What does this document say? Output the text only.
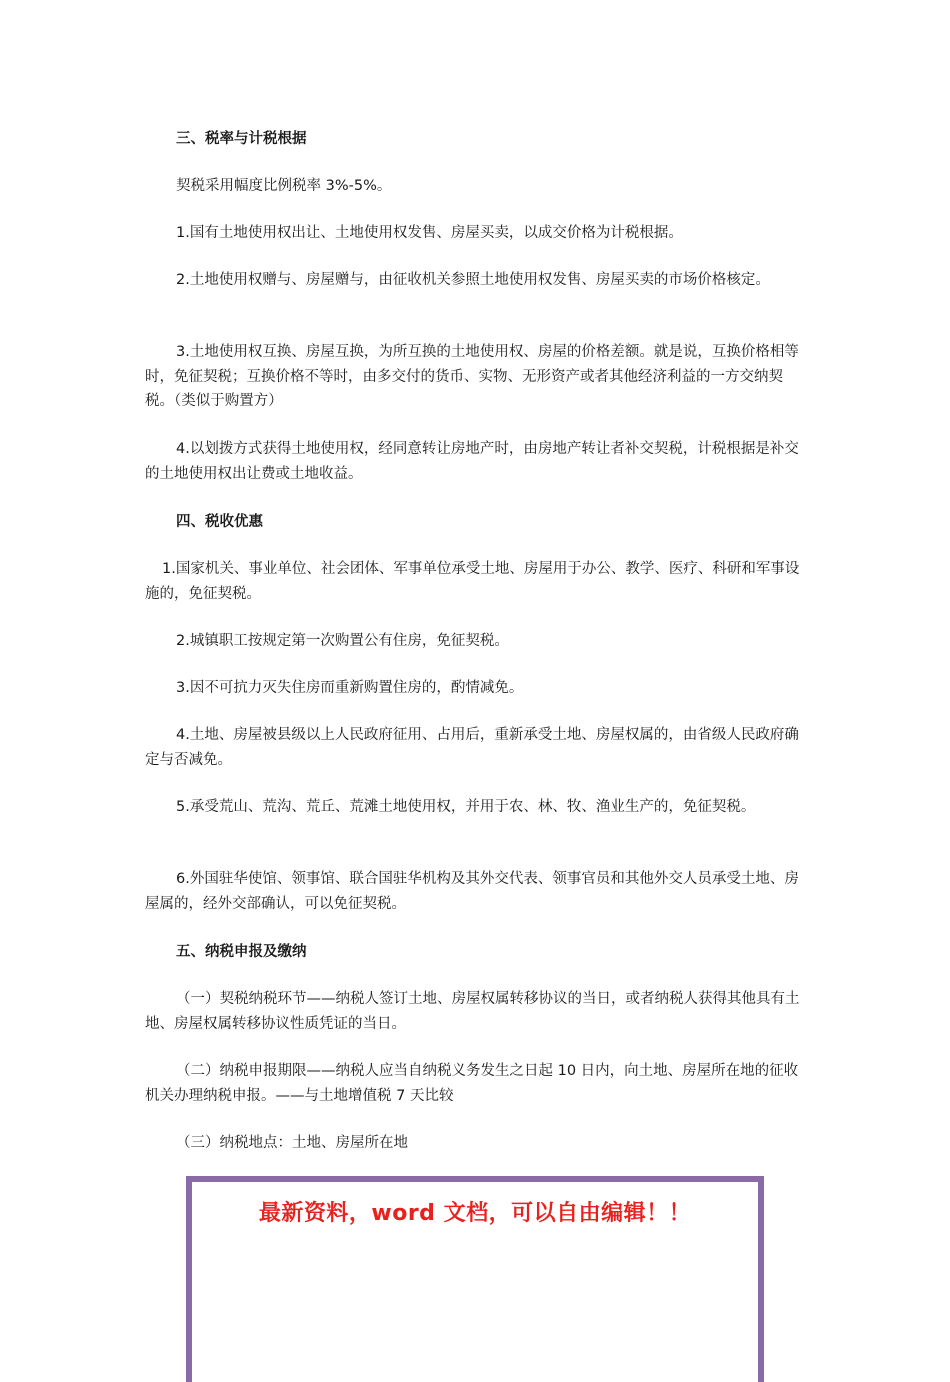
三、税率与计税根据

契税采用幅度比例税率 3%-5%。

1.国有土地使用权出让、土地使用权发售、房屋买卖，以成交价格为计税根据。

2.土地使用权赠与、房屋赠与，由征收机关参照土地使用权发售、房屋买卖的市场价格核定。

3.土地使用权互换、房屋互换，为所互换的土地使用权、房屋的价格差额。就是说，互换价格相等时，免征契税；互换价格不等时，由多交付的货币、实物、无形资产或者其他经济利益的一方交纳契税。（类似于购置方）

4.以划拨方式获得土地使用权，经同意转让房地产时，由房地产转让者补交契税，计税根据是补交的土地使用权出让费或土地收益。

四、税收优惠

1.国家机关、事业单位、社会团体、军事单位承受土地、房屋用于办公、教学、医疗、科研和军事设施的，免征契税。

2.城镇职工按规定第一次购置公有住房，免征契税。

3.因不可抗力灭失住房而重新购置住房的，酌情减免。

4.土地、房屋被县级以上人民政府征用、占用后，重新承受土地、房屋权属的，由省级人民政府确定与否减免。

5.承受荒山、荒沟、荒丘、荒滩土地使用权，并用于农、林、牧、渔业生产的，免征契税。

6.外国驻华使馆、领事馆、联合国驻华机构及其外交代表、领事官员和其他外交人员承受土地、房屋属的，经外交部确认，可以免征契税。

五、纳税申报及缴纳

（一）契税纳税环节——纳税人签订土地、房屋权属转移协议的当日，或者纳税人获得其他具有土地、房屋权属转移协议性质凭证的当日。

（二）纳税申报期限——纳税人应当自纳税义务发生之日起 10 日内，向土地、房屋所在地的征收机关办理纳税申报。——与土地增值税 7 天比较

（三）纳税地点：土地、房屋所在地

最新资料，word 文档，可以自由编辑！！
